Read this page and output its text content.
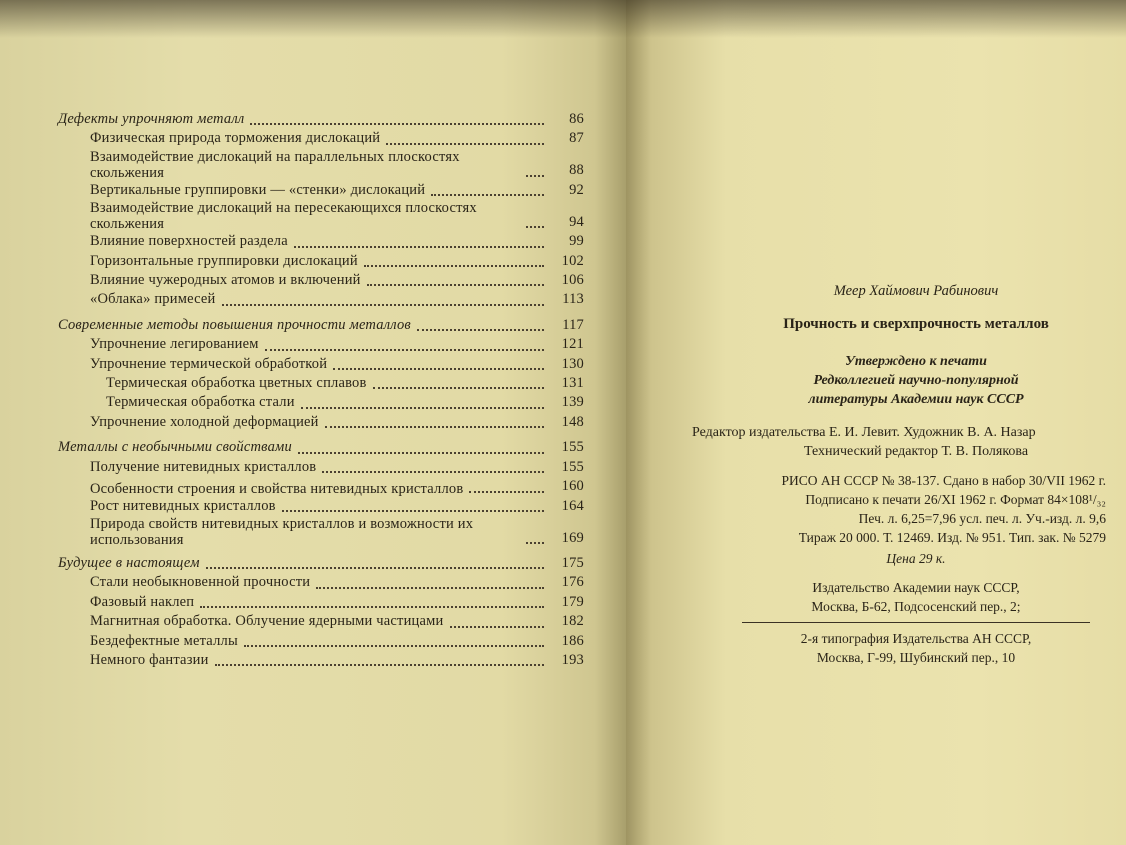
Дефекты упрочняют металл	86
Физическая природа торможения дислокаций	87
Взаимодействие дислокаций на параллельных плоскостях скольжения	88
Вертикальные группировки — «стенки» дислокаций	92
Взаимодействие дислокаций на пересекающихся плоскостях скольжения	94
Влияние поверхностей раздела	99
Горизонтальные группировки дислокаций	102
Влияние чужеродных атомов и включений	106
«Облака» примесей	113
Современные методы повышения прочности металлов	117
Упрочнение легированием	121
Упрочнение термической обработкой	130
Термическая обработка цветных сплавов	131
Термическая обработка стали	139
Упрочнение холодной деформацией	148
Металлы с необычными свойствами	155
Получение нитевидных кристаллов	155
Особенности строения и свойства нитевидных кристаллов	160
Рост нитевидных кристаллов	164
Природа свойств нитевидных кристаллов и возможности их использования	169
Будущее в настоящем	175
Стали необыкновенной прочности	176
Фазовый наклеп	179
Магнитная обработка. Облучение ядерными частицами	182
Бездефектные металлы	186
Немного фантазии	193
Меер Хаймович Рабинович
Прочность и сверхпрочность металлов
Утверждено к печати
Редколлегией научно-популярной
литературы Академии наук СССР
Редактор издательства Е. И. Левит. Художник В. А. Назар
Технический редактор Т. В. Полякова
РИСО АН СССР № 38-137. Сдано в набор 30/VII 1962 г.
Подписано к печати 26/XI 1962 г. Формат 84×108¹/₃₂
Печ. л. 6,25=7,96 усл. печ. л. Уч.-изд. л. 9,6
Тираж 20 000. Т. 12469. Изд. № 951. Тип. зак. № 5279
Цена 29 к.
Издательство Академии наук СССР,
Москва, Б-62, Подсосенский пер., 2;
2-я типография Издательства АН СССР,
Москва, Г-99, Шубинский пер., 10
